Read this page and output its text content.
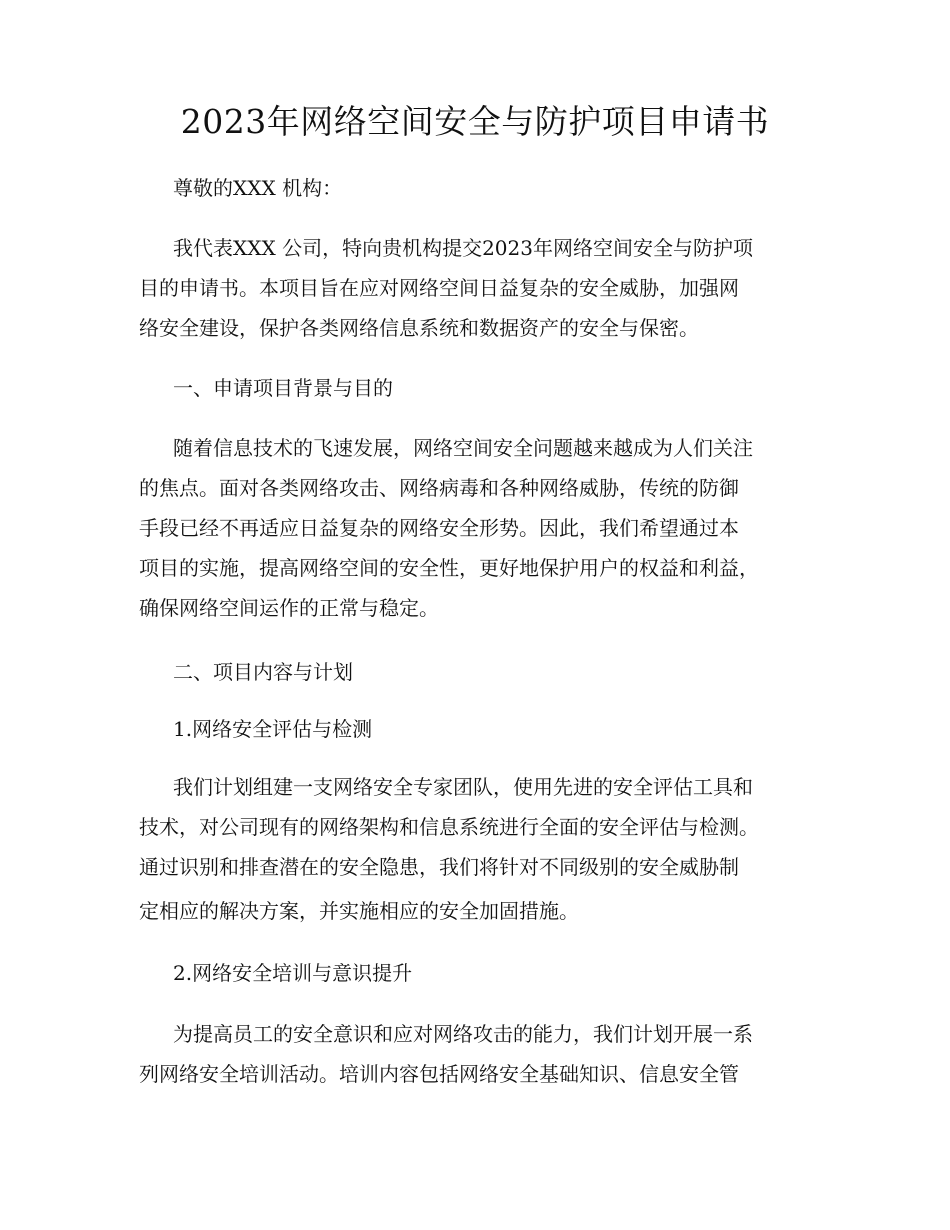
2023年网络空间安全与防护项目申请书
尊敬的XXX 机构：
我代表XXX 公司，特向贵机构提交2023年网络空间安全与防护项
目的申请书。本项目旨在应对网络空间日益复杂的安全威胁，加强网
络安全建设，保护各类网络信息系统和数据资产的安全与保密。
一、申请项目背景与目的
随着信息技术的飞速发展，网络空间安全问题越来越成为人们关注
的焦点。面对各类网络攻击、网络病毒和各种网络威胁，传统的防御
手段已经不再适应日益复杂的网络安全形势。因此，我们希望通过本
项目的实施，提高网络空间的安全性，更好地保护用户的权益和利益，
确保网络空间运作的正常与稳定。
二、项目内容与计划
1.网络安全评估与检测
我们计划组建一支网络安全专家团队，使用先进的安全评估工具和
技术，对公司现有的网络架构和信息系统进行全面的安全评估与检测。
通过识别和排查潜在的安全隐患，我们将针对不同级别的安全威胁制
定相应的解决方案，并实施相应的安全加固措施。
2.网络安全培训与意识提升
为提高员工的安全意识和应对网络攻击的能力，我们计划开展一系
列网络安全培训活动。培训内容包括网络安全基础知识、信息安全管
